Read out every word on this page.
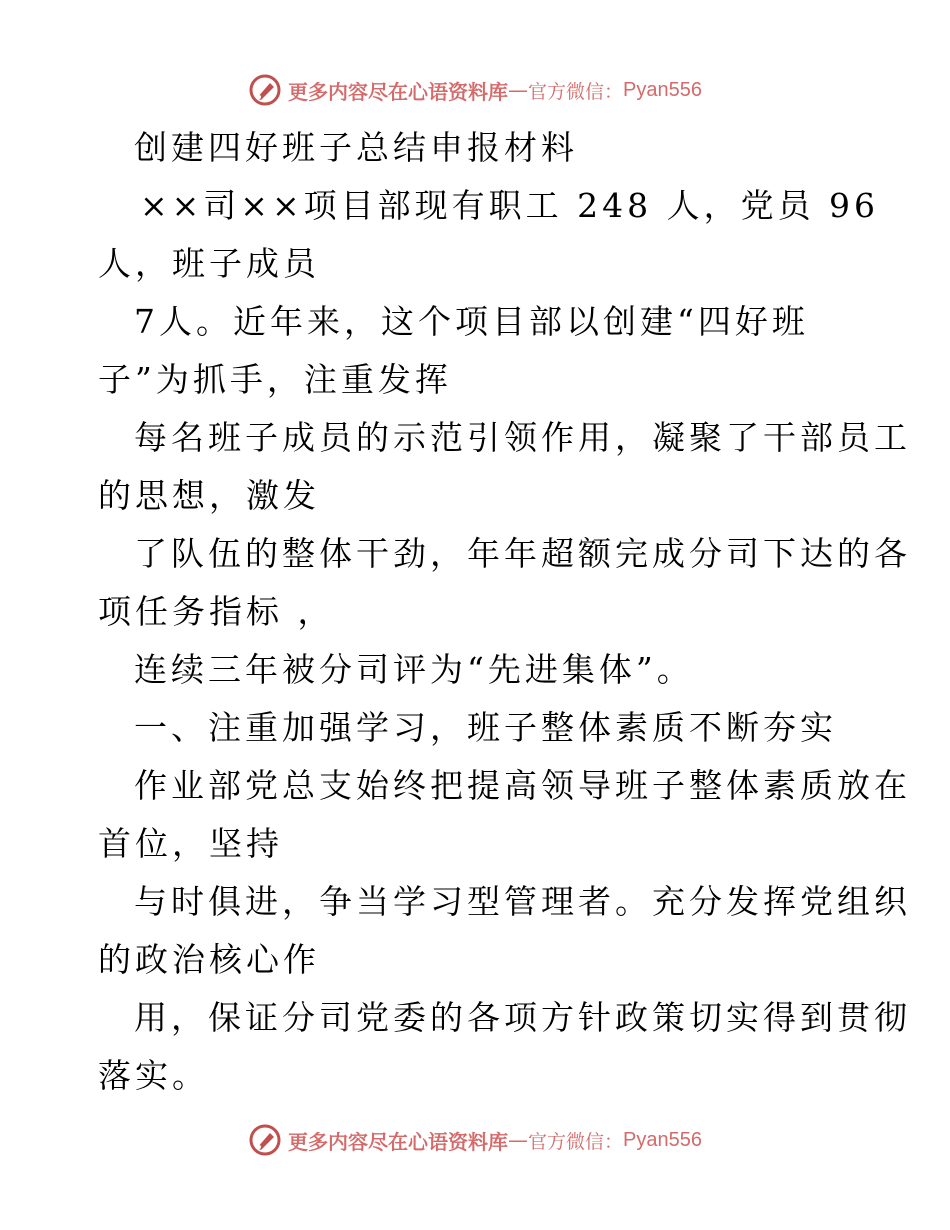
更多内容尽在心语资料库 — 官方微信： Pyan556
创建四好班子总结申报材料
××司××项目部现有职工 248 人，党员 96
人，班子成员
7人。近年来，这个项目部以创建“四好班
子”为抓手，注重发挥
每名班子成员的示范引领作用，凝聚了干部员工
的思想，激发
了队伍的整体干劲，年年超额完成分司下达的各
项任务指标 ，
连续三年被分司评为“先进集体”。
一、注重加强学习，班子整体素质不断夯实
作业部党总支始终把提高领导班子整体素质放在
首位，坚持
与时俱进，争当学习型管理者。充分发挥党组织
的政治核心作
用，保证分司党委的各项方针政策切实得到贯彻
落实。
更多内容尽在心语资料库 — 官方微信： Pyan556
